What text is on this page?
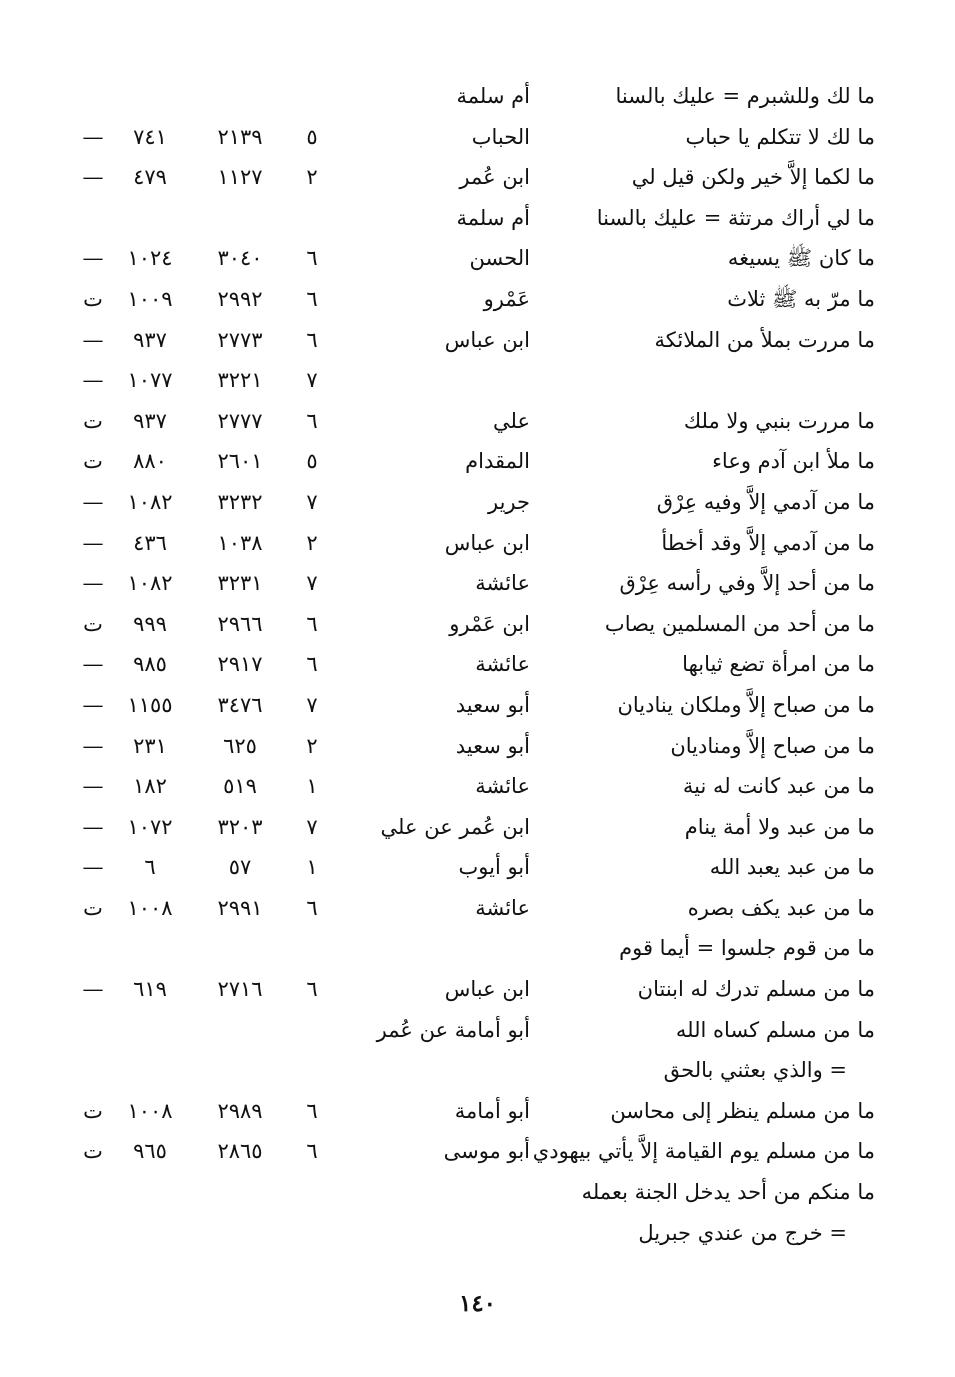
ما لك وللشبرم = عليك بالسنا
أم سلمة
ما لك لا تتكلم يا حباب
الحباب
٥
٢١٣٩
٧٤١
—
ما لكما إلاَّ خير ولكن قيل لي
ابن عُمر
٢
١١٢٧
٤٧٩
—
ما لي أراك مرتثة = عليك بالسنا
أم سلمة
ما كان ﷺ يسيغه
الحسن
٦
٣٠٤٠
١٠٢٤
—
ما مرّ به ﷺ ثلاث
عَمْرو
٦
٢٩٩٢
١٠٠٩
ت
ما مررت بملأ من الملائكة
ابن عباس
٦
٢٧٧٣
٩٣٧
—
٧
٣٢٢١
١٠٧٧
—
ما مررت بنبي ولا ملك
علي
٦
٢٧٧٧
٩٣٧
ت
ما ملأ ابن آدم وعاء
المقدام
٥
٢٦٠١
٨٨٠
ت
ما من آدمي إلاَّ وفيه عِرْق
جرير
٧
٣٢٣٢
١٠٨٢
—
ما من آدمي إلاَّ وقد أخطأ
ابن عباس
٢
١٠٣٨
٤٣٦
—
ما من أحد إلاَّ وفي رأسه عِرْق
عائشة
٧
٣٢٣١
١٠٨٢
—
ما من أحد من المسلمين يصاب
ابن عَمْرو
٦
٢٩٦٦
٩٩٩
ت
ما من امرأة تضع ثيابها
عائشة
٦
٢٩١٧
٩٨٥
—
ما من صباح إلاَّ وملكان يناديان
أبو سعيد
٧
٣٤٧٦
١١٥٥
—
ما من صباح إلاَّ ومناديان
أبو سعيد
٢
٦٢٥
٢٣١
—
ما من عبد كانت له نية
عائشة
١
٥١٩
١٨٢
—
ما من عبد ولا أمة ينام
ابن عُمر عن علي
٧
٣٢٠٣
١٠٧٢
—
ما من عبد يعبد الله
أبو أيوب
١
٥٧
٦
—
ما من عبد يكف بصره
عائشة
٦
٢٩٩١
١٠٠٨
ت
ما من قوم جلسوا = أيما قوم
ما من مسلم تدرك له ابنتان
ابن عباس
٦
٢٧١٦
٦١٩
—
ما من مسلم كساه الله
أبو أمامة عن عُمر
= والذي بعثني بالحق
ما من مسلم ينظر إلى محاسن
أبو أمامة
٦
٢٩٨٩
١٠٠٨
ت
ما من مسلم يوم القيامة إلاَّ يأتي بيهودي
أبو موسى
٦
٢٨٦٥
٩٦٥
ت
ما منكم من أحد يدخل الجنة بعمله
= خرج من عندي جبريل
١٤٠
